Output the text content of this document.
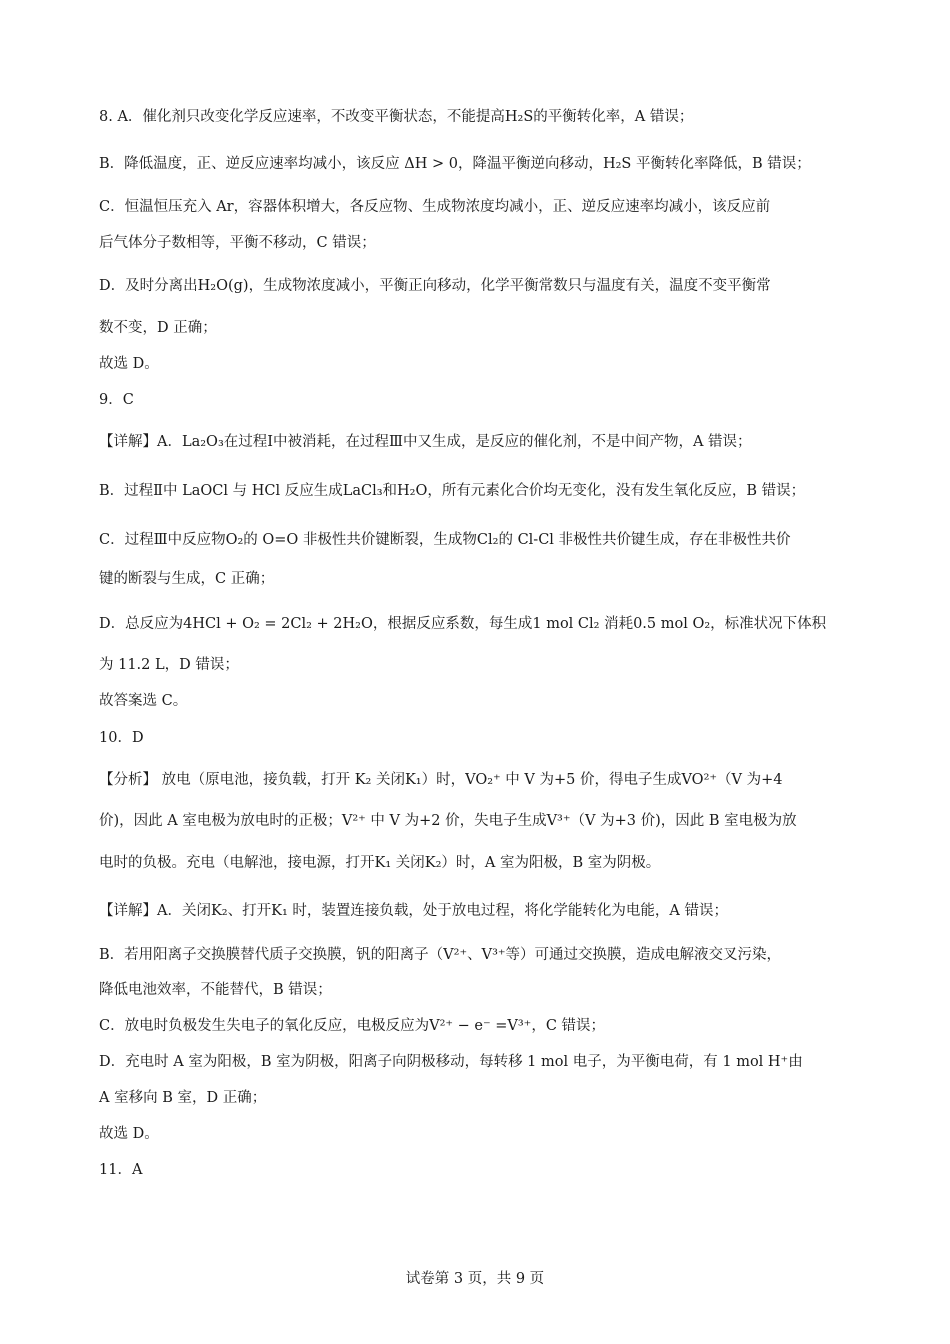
8. A．催化剂只改变化学反应速率，不改变平衡状态，不能提高H₂S的平衡转化率，A 错误；
B．降低温度，正、逆反应速率均减小，该反应 ΔH > 0，降温平衡逆向移动，H₂S 平衡转化率降低，B 错误；
C．恒温恒压充入 Ar，容器体积增大，各反应物、生成物浓度均减小，正、逆反应速率均减小，该反应前
后气体分子数相等，平衡不移动，C 错误；
D．及时分离出H₂O(g)，生成物浓度减小，平衡正向移动，化学平衡常数只与温度有关，温度不变平衡常
数不变，D 正确；
故选 D。
9．C
【详解】A．La₂O₃在过程Ⅰ中被消耗，在过程Ⅲ中又生成，是反应的催化剂，不是中间产物，A 错误；
B．过程Ⅱ中 LaOCl 与 HCl 反应生成LaCl₃和H₂O，所有元素化合价均无变化，没有发生氧化反应，B 错误；
C．过程Ⅲ中反应物O₂的 O=O 非极性共价键断裂，生成物Cl₂的 Cl-Cl 非极性共价键生成，存在非极性共价
键的断裂与生成，C 正确；
D．总反应为4HCl + O₂ = 2Cl₂ + 2H₂O，根据反应系数，每生成1 mol Cl₂ 消耗0.5 mol O₂，标准状况下体积
为 11.2 L，D 错误；
故答案选 C。
10．D
【分析】 放电（原电池，接负载，打开 K₂ 关闭K₁）时，VO₂⁺ 中 V 为+5 价，得电子生成VO²⁺（V 为+4
价)，因此 A 室电极为放电时的正极；V²⁺ 中 V 为+2 价，失电子生成V³⁺（V 为+3 价)，因此 B 室电极为放
电时的负极。充电（电解池，接电源，打开K₁ 关闭K₂）时，A 室为阳极，B 室为阴极。
【详解】A．关闭K₂、打开K₁ 时，装置连接负载，处于放电过程，将化学能转化为电能，A 错误；
B．若用阳离子交换膜替代质子交换膜，钒的阳离子（V²⁺、V³⁺等）可通过交换膜，造成电解液交叉污染，
降低电池效率，不能替代，B 错误；
C．放电时负极发生失电子的氧化反应，电极反应为V²⁺ − e⁻ =V³⁺，C 错误；
D．充电时 A 室为阳极，B 室为阴极，阳离子向阴极移动，每转移 1 mol 电子，为平衡电荷，有 1 mol H⁺由
A 室移向 B 室，D 正确；
故选 D。
11．A
试卷第 3 页，共 9 页
